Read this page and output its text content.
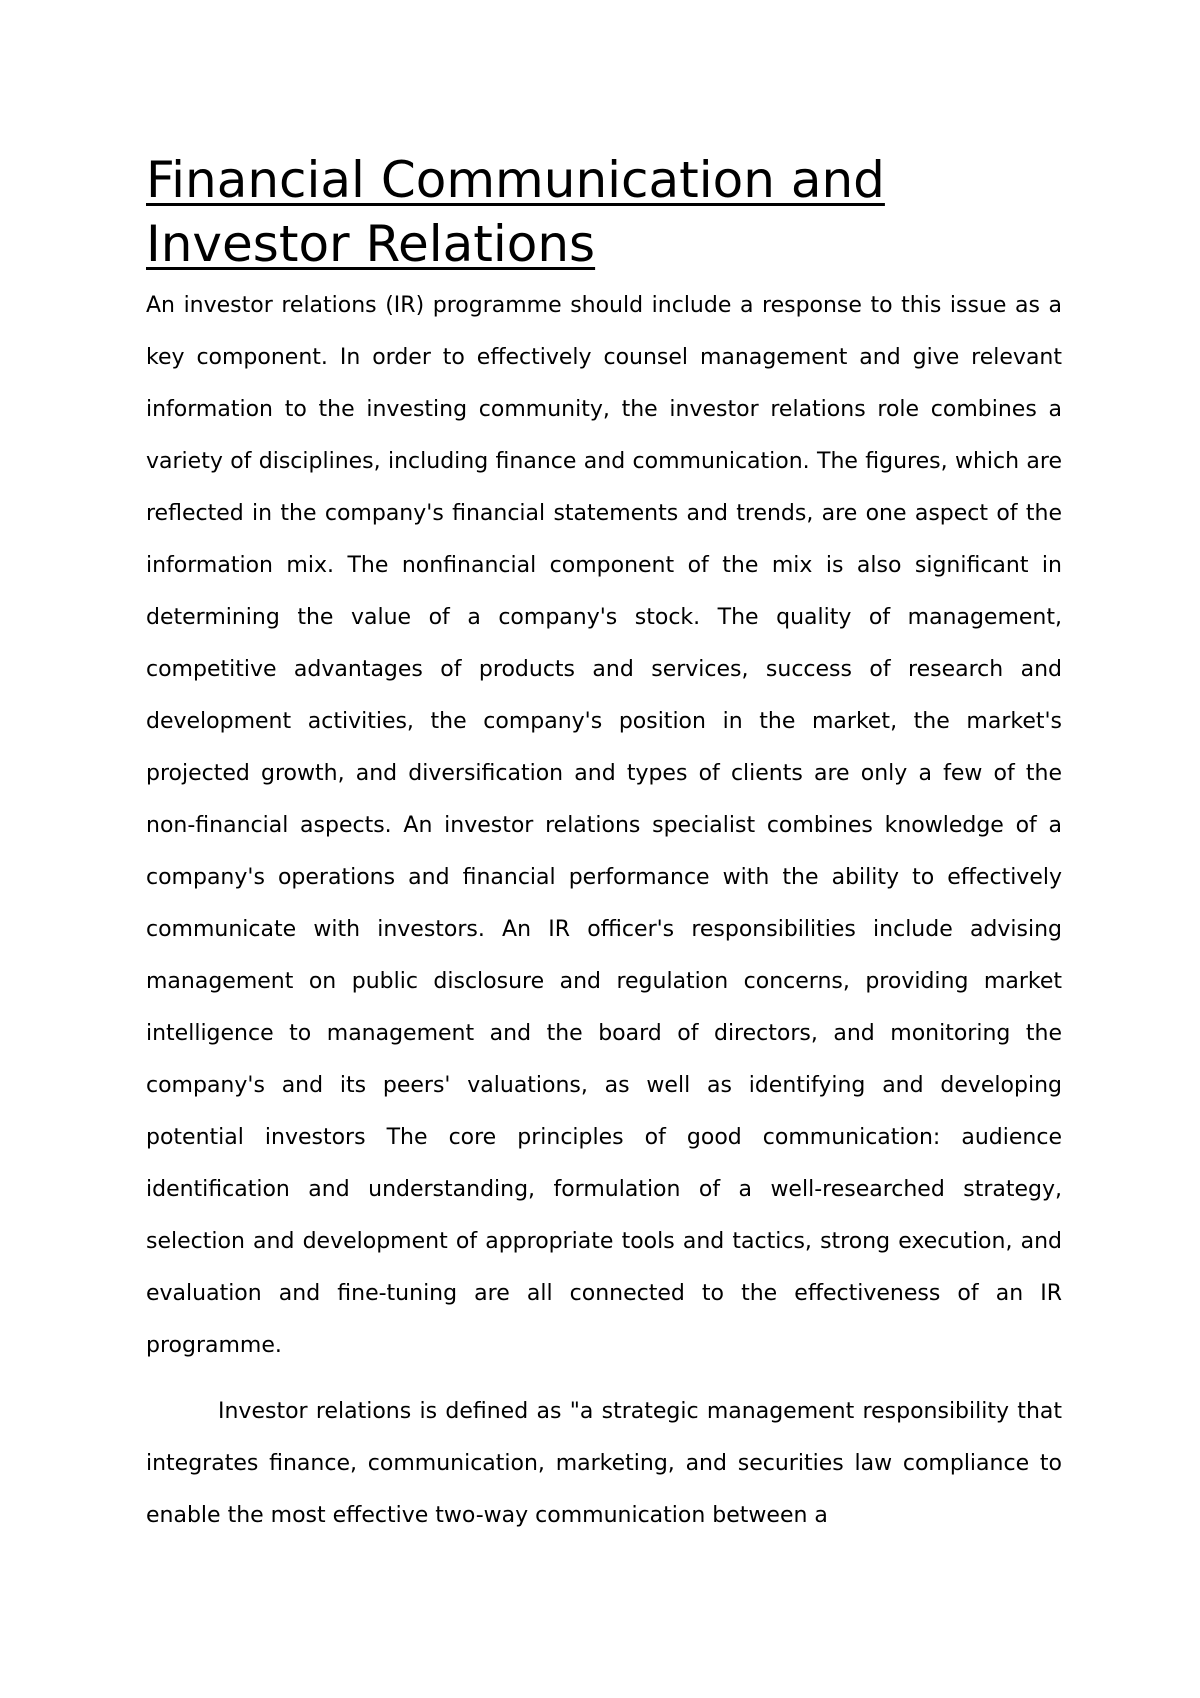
Financial Communication and Investor Relations

An investor relations (IR) programme should include a response to this issue as a key component. In order to effectively counsel management and give relevant information to the investing community, the investor relations role combines a variety of disciplines, including finance and communication. The figures, which are reflected in the company's financial statements and trends, are one aspect of the information mix. The nonfinancial component of the mix is also significant in determining the value of a company's stock. The quality of management, competitive advantages of products and services, success of research and development activities, the company's position in the market, the market's projected growth, and diversification and types of clients are only a few of the non-financial aspects. An investor relations specialist combines knowledge of a company's operations and financial performance with the ability to effectively communicate with investors. An IR officer's responsibilities include advising management on public disclosure and regulation concerns, providing market intelligence to management and the board of directors, and monitoring the company's and its peers' valuations, as well as identifying and developing potential investors The core principles of good communication: audience identification and understanding, formulation of a well-researched strategy, selection and development of appropriate tools and tactics, strong execution, and evaluation and fine-tuning are all connected to the effectiveness of an IR programme.

Investor relations is defined as "a strategic management responsibility that integrates finance, communication, marketing, and securities law compliance to enable the most effective two-way communication between a
